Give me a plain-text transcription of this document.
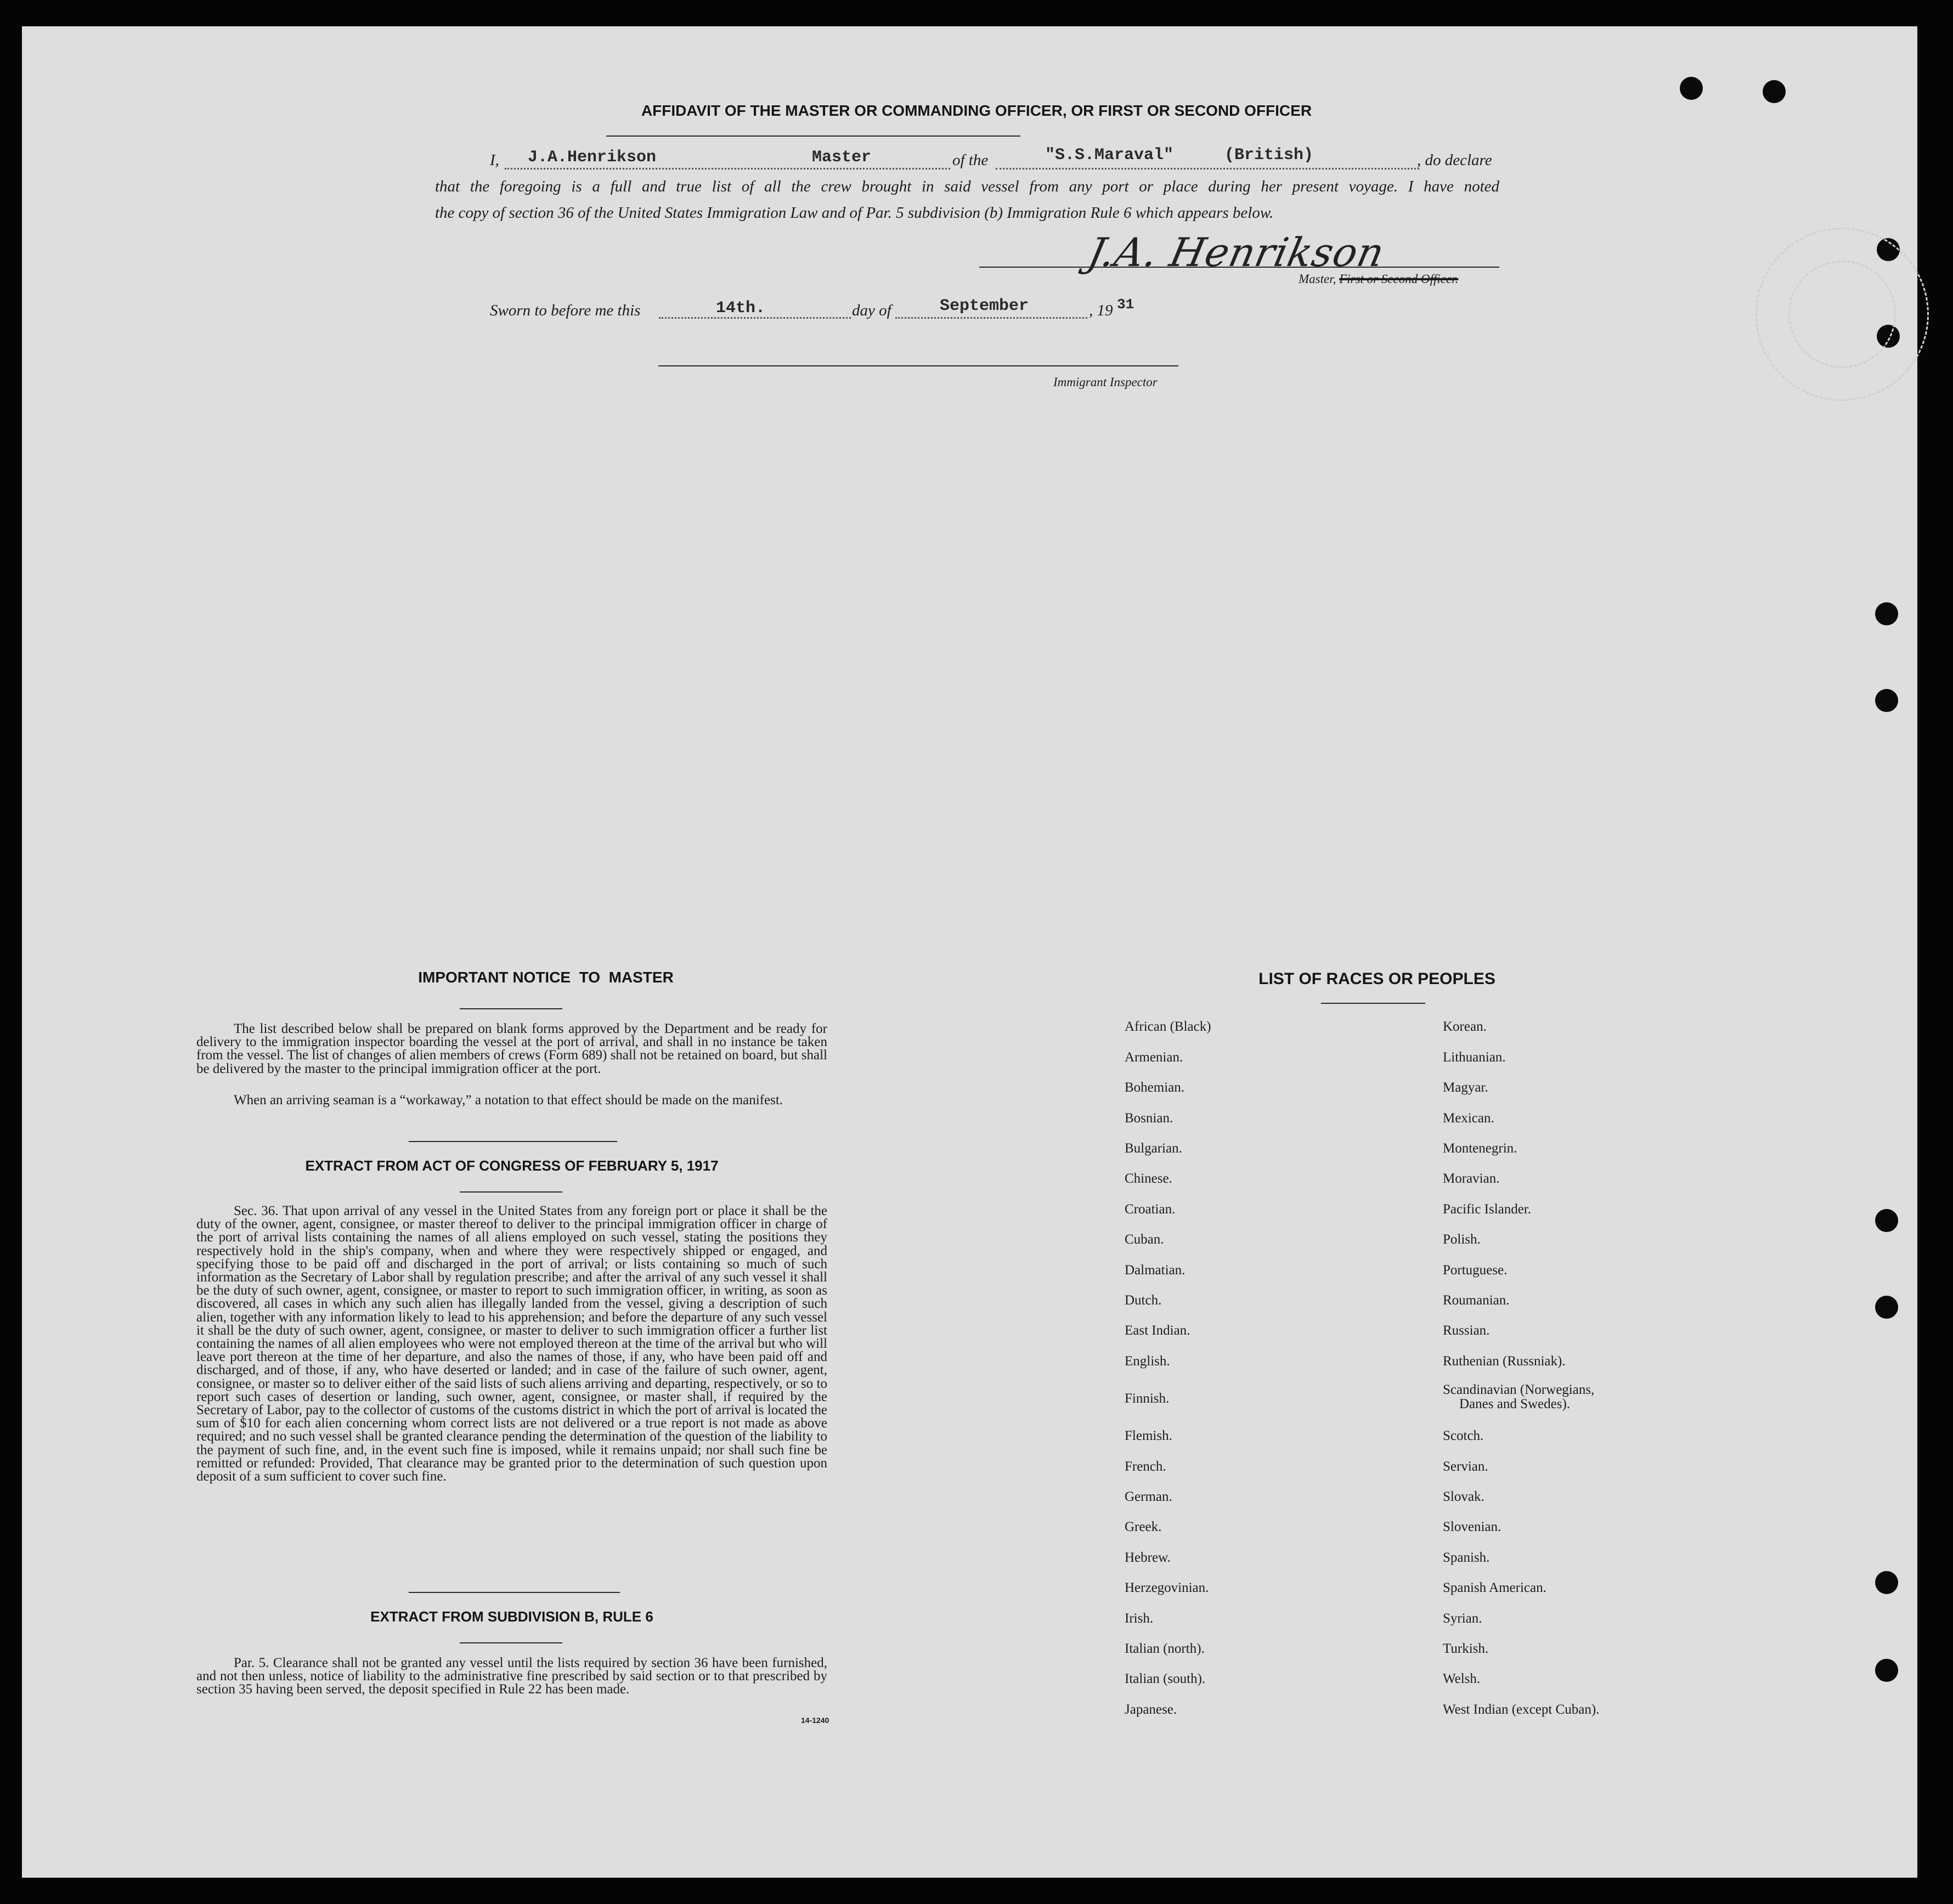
AFFIDAVIT OF THE MASTER OR COMMANDING OFFICER, OR FIRST OR SECOND OFFICER
I, J.A.Henrikson	Master	of the	"S.S.Maraval"	(British)	, do declare
that the foregoing is a full and true list of all the crew brought in said vessel from any port or place during her present voyage. I have noted
the copy of section 36 of the United States Immigration Law and of Par. 5 subdivision (b) Immigration Rule 6 which appears below.
J.A. Henrikson
Master, First or Second Officer.
Sworn to before me this	14th.	day of	September	, 19 31
Immigrant Inspector
IMPORTANT NOTICE  TO  MASTER
The list described below shall be prepared on blank forms approved by the Department and be ready for delivery to the immigration inspector boarding the vessel at the port of arrival, and shall in no instance be taken from the vessel. The list of changes of alien members of crews (Form 689) shall not be retained on board, but shall be delivered by the master to the principal immigration officer at the port.
When an arriving seaman is a “workaway,” a notation to that effect should be made on the manifest.
EXTRACT FROM ACT OF CONGRESS OF FEBRUARY 5, 1917
Sec. 36. That upon arrival of any vessel in the United States from any foreign port or place it shall be the duty of the owner, agent, consignee, or master thereof to deliver to the principal immigration officer in charge of the port of arrival lists containing the names of all aliens employed on such vessel, stating the positions they respectively hold in the ship's company, when and where they were respectively shipped or engaged, and specifying those to be paid off and discharged in the port of arrival; or lists containing so much of such information as the Secretary of Labor shall by regulation prescribe; and after the arrival of any such vessel it shall be the duty of such owner, agent, consignee, or master to report to such immigration officer, in writing, as soon as discovered, all cases in which any such alien has illegally landed from the vessel, giving a description of such alien, together with any information likely to lead to his apprehension; and before the departure of any such vessel it shall be the duty of such owner, agent, consignee, or master to deliver to such immigration officer a further list containing the names of all alien employees who were not employed thereon at the time of the arrival but who will leave port thereon at the time of her departure, and also the names of those, if any, who have been paid off and discharged, and of those, if any, who have deserted or landed; and in case of the failure of such owner, agent, consignee, or master so to deliver either of the said lists of such aliens arriving and departing, respectively, or so to report such cases of desertion or landing, such owner, agent, consignee, or master shall, if required by the Secretary of Labor, pay to the collector of customs of the customs district in which the port of arrival is located the sum of $10 for each alien concerning whom correct lists are not delivered or a true report is not made as above required; and no such vessel shall be granted clearance pending the determination of the question of the liability to the payment of such fine, and, in the event such fine is imposed, while it remains unpaid; nor shall such fine be remitted or refunded: Provided, That clearance may be granted prior to the determination of such question upon deposit of a sum sufficient to cover such fine.
EXTRACT FROM SUBDIVISION B, RULE 6
Par. 5. Clearance shall not be granted any vessel until the lists required by section 36 have been furnished, and not then unless, notice of liability to the administrative fine prescribed by said section or to that prescribed by section 35 having been served, the deposit specified in Rule 22 has been made.
14-1240
LIST OF RACES OR PEOPLES
African (Black)
Armenian.
Bohemian.
Bosnian.
Bulgarian.
Chinese.
Croatian.
Cuban.
Dalmatian.
Dutch.
East Indian.
English.
Finnish.
Flemish.
French.
German.
Greek.
Hebrew.
Herzegovinian.
Irish.
Italian (north).
Italian (south).
Japanese.
Korean.
Lithuanian.
Magyar.
Mexican.
Montenegrin.
Moravian.
Pacific Islander.
Polish.
Portuguese.
Roumanian.
Russian.
Ruthenian (Russniak).
Scandinavian (Norwegians,
Scotch.
Servian.
Slovak.
Slovenian.
Spanish.
Spanish American.
Syrian.
Turkish.
Welsh.
West Indian (except Cuban).
Danes and Swedes).
